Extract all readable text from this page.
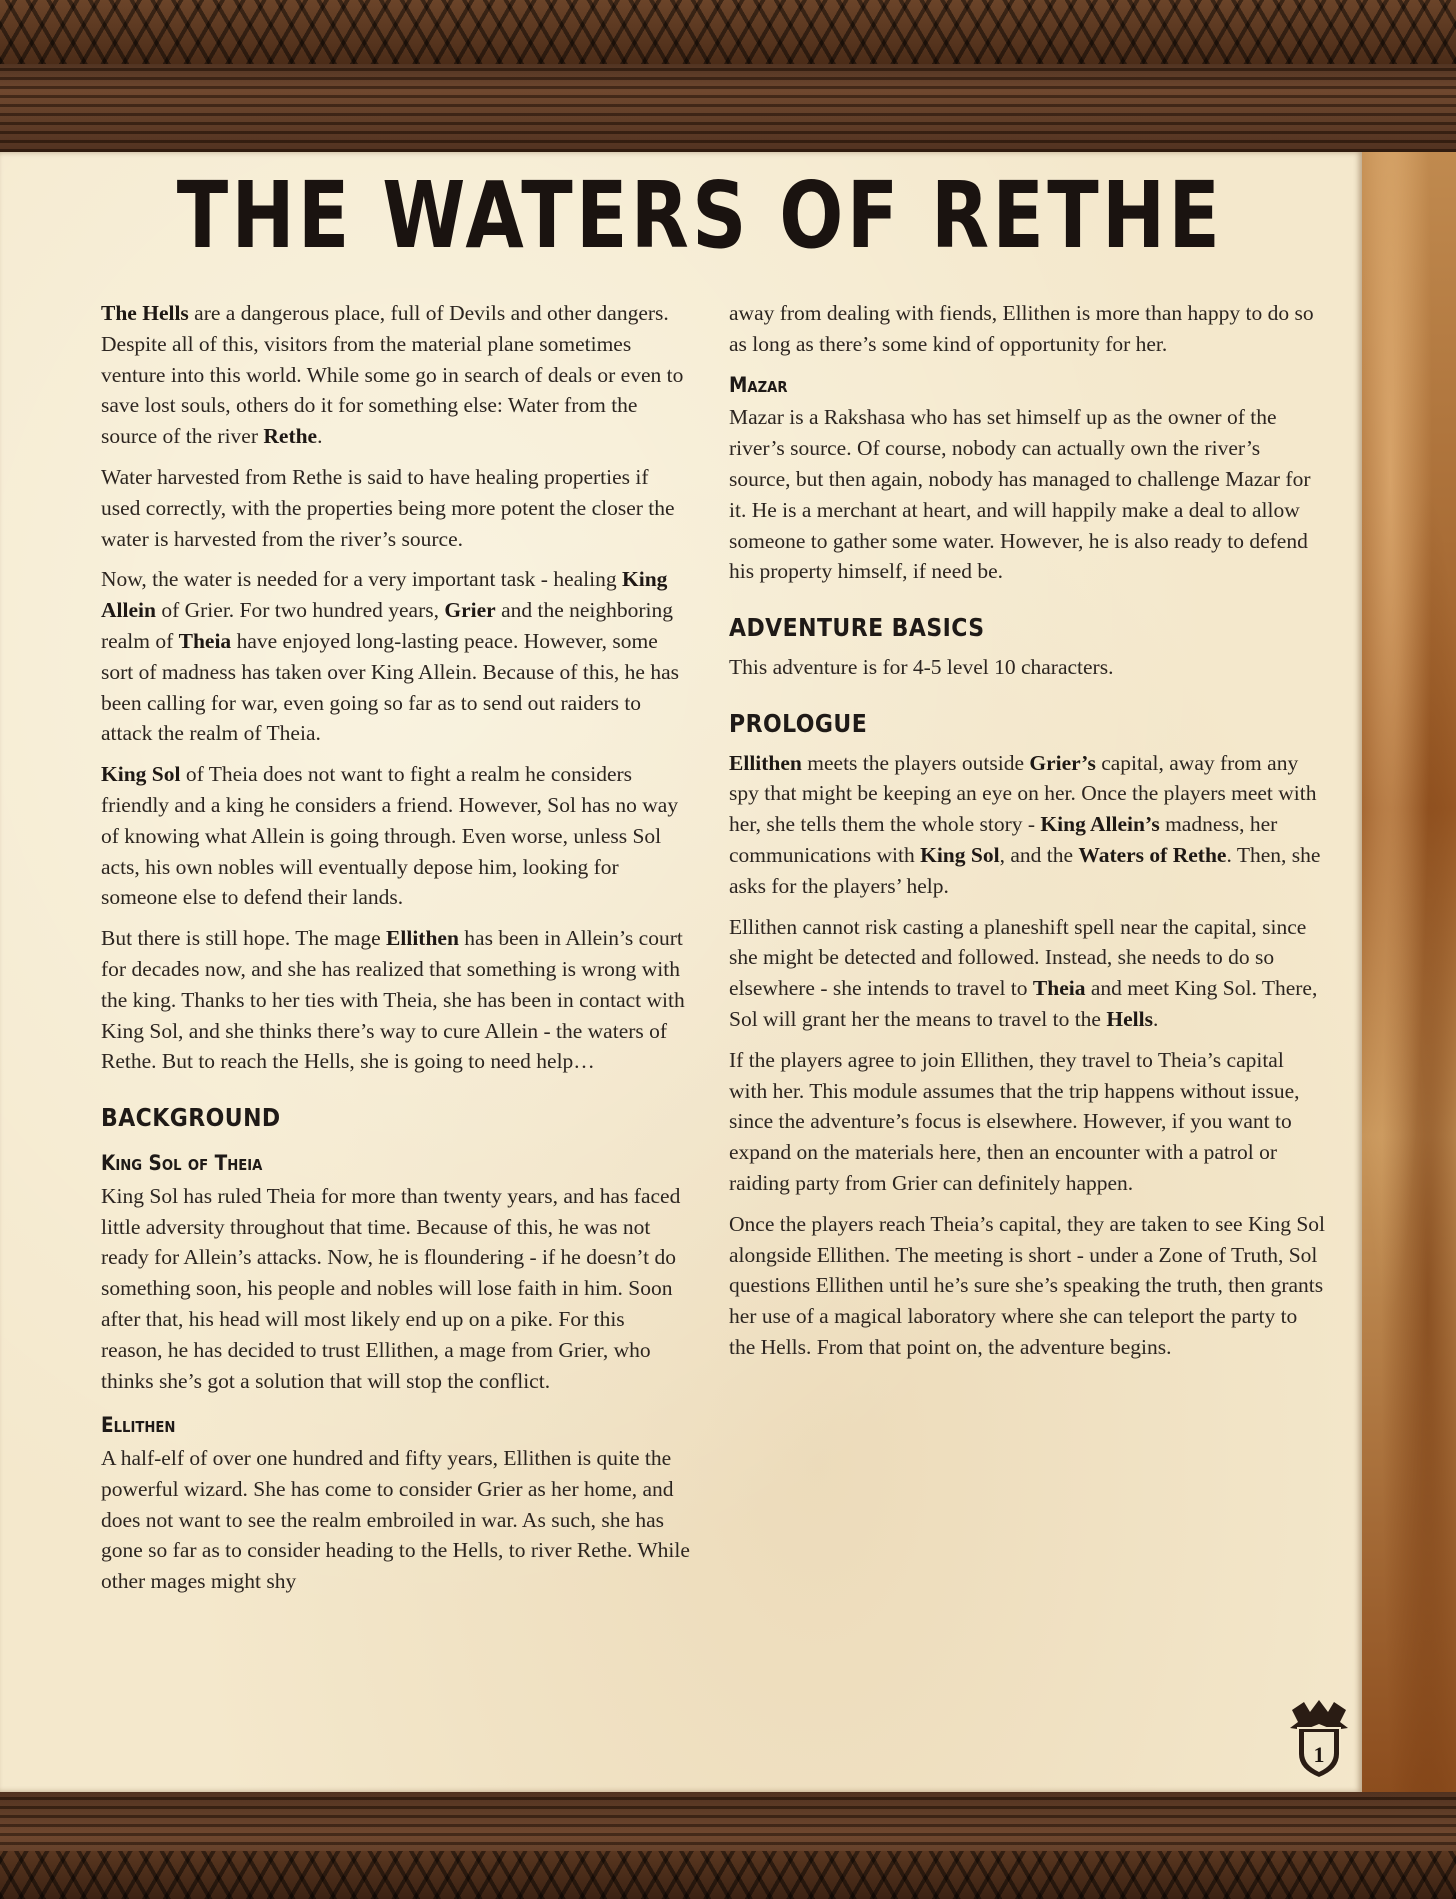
THE WATERS OF RETHE

The Hells are a dangerous place, full of Devils and other dangers. Despite all of this, visitors from the material plane sometimes venture into this world. While some go in search of deals or even to save lost souls, others do it for something else: Water from the source of the river Rethe.

Water harvested from Rethe is said to have healing properties if used correctly, with the properties being more potent the closer the water is harvested from the river’s source.

Now, the water is needed for a very important task - healing King Allein of Grier. For two hundred years, Grier and the neighboring realm of Theia have enjoyed long-lasting peace. However, some sort of madness has taken over King Allein. Because of this, he has been calling for war, even going so far as to send out raiders to attack the realm of Theia.

King Sol of Theia does not want to fight a realm he considers friendly and a king he considers a friend. However, Sol has no way of knowing what Allein is going through. Even worse, unless Sol acts, his own nobles will eventually depose him, looking for someone else to defend their lands.

But there is still hope. The mage Ellithen has been in Allein’s court for decades now, and she has realized that something is wrong with the king. Thanks to her ties with Theia, she has been in contact with King Sol, and she thinks there’s way to cure Allein - the waters of Rethe. But to reach the Hells, she is going to need help…

BACKGROUND
King Sol of Theia

King Sol has ruled Theia for more than twenty years, and has faced little adversity throughout that time. Because of this, he was not ready for Allein’s attacks. Now, he is floundering - if he doesn’t do something soon, his people and nobles will lose faith in him. Soon after that, his head will most likely end up on a pike. For this reason, he has decided to trust Ellithen, a mage from Grier, who thinks she’s got a solution that will stop the conflict.

Ellithen

A half-elf of over one hundred and fifty years, Ellithen is quite the powerful wizard. She has come to consider Grier as her home, and does not want to see the realm embroiled in war. As such, she has gone so far as to consider heading to the Hells, to river Rethe. While other mages might shy

away from dealing with fiends, Ellithen is more than happy to do so as long as there’s some kind of opportunity for her.

Mazar

Mazar is a Rakshasa who has set himself up as the owner of the river’s source. Of course, nobody can actually own the river’s source, but then again, nobody has managed to challenge Mazar for it. He is a merchant at heart, and will happily make a deal to allow someone to gather some water. However, he is also ready to defend his property himself, if need be.

ADVENTURE BASICS

This adventure is for 4-5 level 10 characters.

PROLOGUE

Ellithen meets the players outside Grier’s capital, away from any spy that might be keeping an eye on her. Once the players meet with her, she tells them the whole story - King Allein’s madness, her communications with King Sol, and the Waters of Rethe. Then, she asks for the players’ help.

Ellithen cannot risk casting a planeshift spell near the capital, since she might be detected and followed. Instead, she needs to do so elsewhere - she intends to travel to Theia and meet King Sol. There, Sol will grant her the means to travel to the Hells.

If the players agree to join Ellithen, they travel to Theia’s capital with her. This module assumes that the trip happens without issue, since the adventure’s focus is elsewhere. However, if you want to expand on the materials here, then an encounter with a patrol or raiding party from Grier can definitely happen.

Once the players reach Theia’s capital, they are taken to see King Sol alongside Ellithen. The meeting is short - under a Zone of Truth, Sol questions Ellithen until he’s sure she’s speaking the truth, then grants her use of a magical laboratory where she can teleport the party to the Hells. From that point on, the adventure begins.

1
